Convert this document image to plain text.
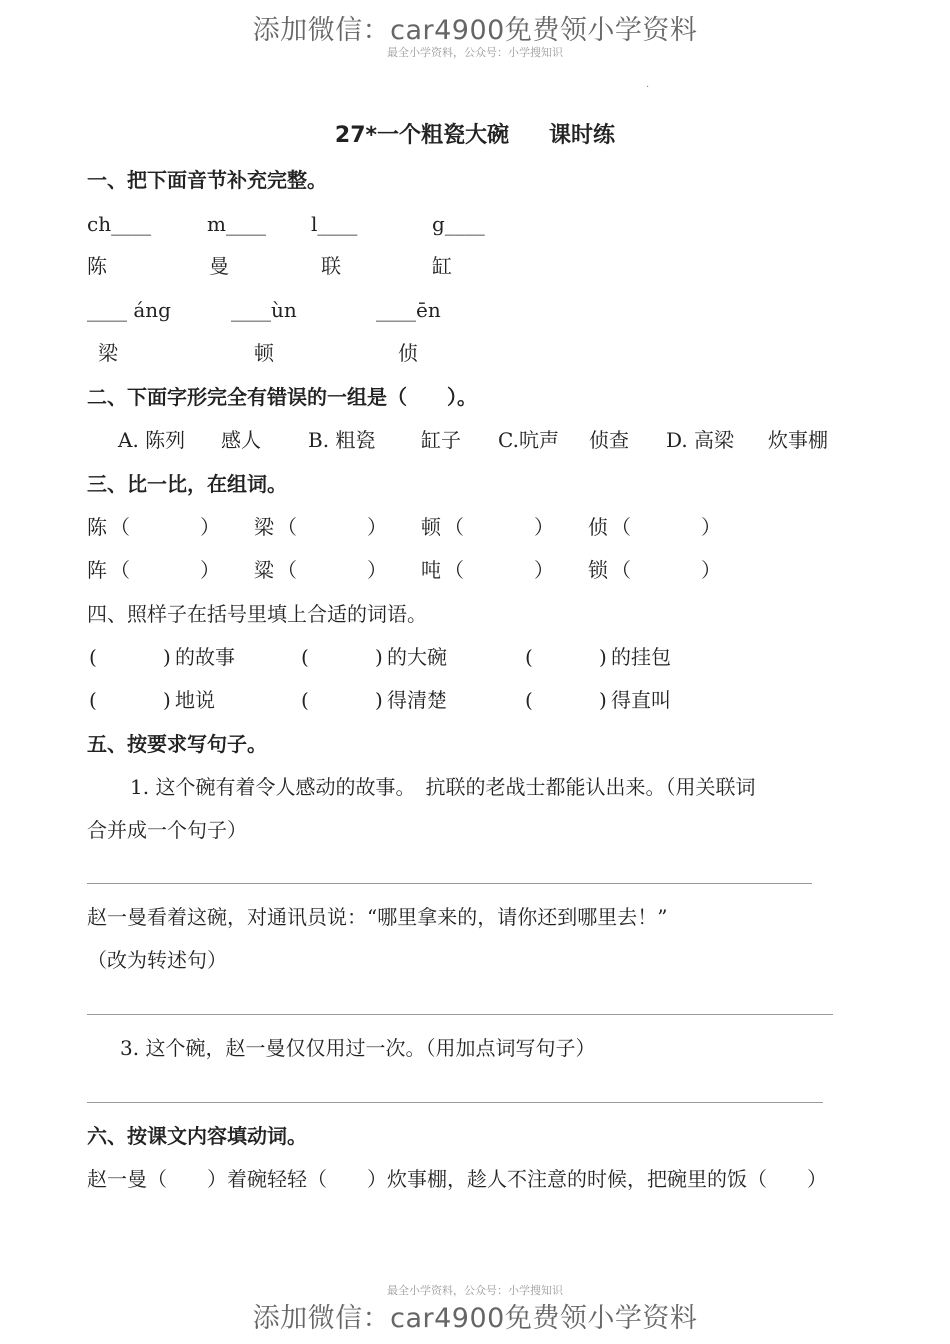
添加微信：car4900免费领小学资料
最全小学资料，公众号：小学搜知识
·
27*一个粗瓷大碗 课时练
一、把下面音节补充完整。
ch____	m____ l____	g____
陈	曼	联	缸
____ áng	____ùn	____ēn
梁	顿	侦
二、下面字形完全有错误的一组是（　　）。
A. 陈列 感人 B. 粗瓷 缸子 C.吭声 侦查 D. 高梁 炊事棚
三、比一比，在组词。
陈 （	） 梁 （	） 顿 （	） 侦 （	）
阵 （	） 粱 （	） 吨 （	） 锁 （	）
四、照样子在括号里填上合适的词语。
(	) 的故事	(	) 的大碗	(	) 的挂包
(	) 地说	(	) 得清楚	(	) 得直叫
五、按要求写句子。
1. 这个碗有着令人感动的故事。　抗联的老战士都能认出来。（用关联词
合并成一个句子）
赵一曼看着这碗，对通讯员说：“哪里拿来的，请你还到哪里去！”
（改为转述句）
3. 这个碗，赵一曼仅仅用过一次。（用加点词写句子）
六、按课文内容填动词。
赵一曼（　　）着碗轻轻（　　）炊事棚，趁人不注意的时候，把碗里的饭（　　）
最全小学资料，公众号：小学搜知识
添加微信：car4900免费领小学资料
